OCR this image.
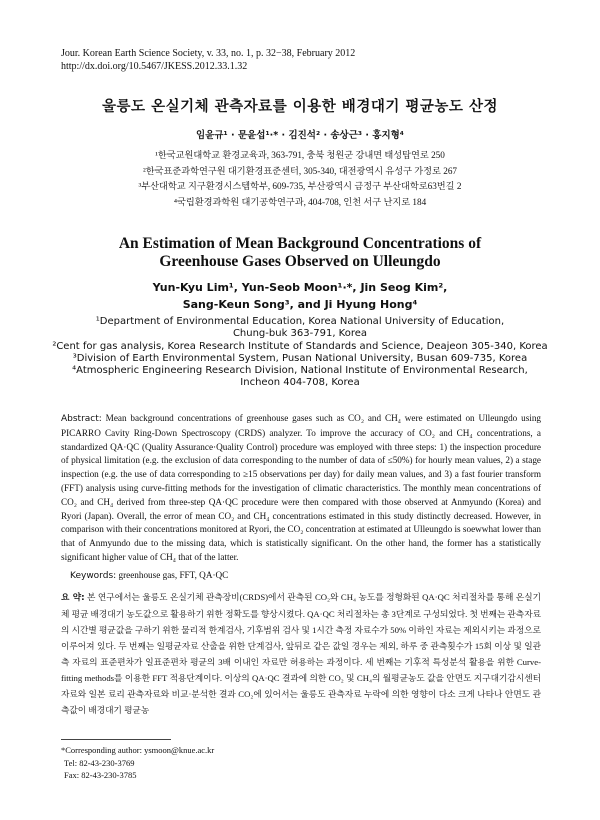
Jour. Korean Earth Science Society, v. 33, no. 1, p. 32−38, February 2012
http://dx.doi.org/10.5467/JKESS.2012.33.1.32
울릉도 온실기체 관측자료를 이용한 배경대기 평균농도 산정
임윤규¹ · 문윤섭¹·* · 김진석² · 송상근³ · 홍지형⁴
¹한국교원대학교 환경교육과, 363-791, 충북 청원군 강내면 태성탑연로 250
²한국표준과학연구원 대기환경표준센터, 305-340, 대전광역시 유성구 가정로 267
³부산대학교 지구환경시스템학부, 609-735, 부산광역시 금정구 부산대학로63번길 2
⁴국립환경과학원 대기공학연구과, 404-708, 인천 서구 난지로 184
An Estimation of Mean Background Concentrations of
Greenhouse Gases Observed on Ulleungdo
Yun-Kyu Lim¹, Yun-Seob Moon¹·*, Jin Seog Kim²,
Sang-Keun Song³, and Ji Hyung Hong⁴
¹Department of Environmental Education, Korea National University of Education,
Chung-buk 363-791, Korea
²Cent for gas analysis, Korea Research Institute of Standards and Science, Deajeon 305-340, Korea
³Division of Earth Environmental System, Pusan National University, Busan 609-735, Korea
⁴Atmospheric Engineering Research Division, National Institute of Environmental Research,
Incheon 404-708, Korea
Abstract: Mean background concentrations of greenhouse gases such as CO₂ and CH₄ were estimated on Ulleungdo using PICARRO Cavity Ring-Down Spectroscopy (CRDS) analyzer. To improve the accuracy of CO₂ and CH₄ concentrations, a standardized QA·QC (Quality Assurance·Quality Control) procedure was employed with three steps: 1) the inspection procedure of physical limitation (e.g. the exclusion of data corresponding to the number of data of ≤50%) for hourly mean values, 2) a stage inspection (e.g. the use of data corresponding to ≥15 observations per day) for daily mean values, and 3) a fast fourier transform (FFT) analysis using curve-fitting methods for the investigation of climatic characteristics. The monthly mean concentrations of CO₂ and CH₄ derived from three-step QA·QC procedure were then compared with those observed at Anmyundo (Korea) and Ryori (Japan). Overall, the error of mean CO₂ and CH₄ concentrations estimated in this study distinctly decreased. However, in comparison with their concentrations monitored at Ryori, the CO₂ concentration at estimated at Ulleungdo is soewwhat lower than that of Anmyundo due to the missing data, which is statistically significant. On the other hand, the former has a statistically significant higher value of CH₄ that of the latter.
Keywords: greenhouse gas, FFT, QA·QC
요 약: 본 연구에서는 울릉도 온실기체 관측장비(CRDS)에서 관측된 CO₂와 CH₄ 농도를 정형화된 QA·QC 처리절차를 통해 온실기체 평균 배경대기 농도값으로 활용하기 위한 정확도를 향상시켰다. QA·QC 처리절차는 총 3단계로 구성되었다. 첫 번째는 관측자료의 시간별 평균값을 구하기 위한 물리적 한계검사, 기후범위 검사 및 1시간 측정 자료수가 50% 이하인 자료는 제외시키는 과정으로 이루어져 있다. 두 번째는 일평균자료 산출을 위한 단계검사, 앞뒤로 같은 값일 경우는 제외, 하루 중 관측횟수가 15회 이상 및 일관측 자료의 표준편차가 일표준편차 평균의 3배 이내인 자료만 허용하는 과정이다. 세 번째는 기후적 특성분석 활용을 위한 Curve-fitting methods를 이용한 FFT 적용단계이다. 이상의 QA·QC 결과에 의한 CO₂ 및 CH₄의 월평균농도 값을 안면도 지구대기감시센터 자료와 일본 료리 관측자료와 비교·분석한 결과 CO₂에 있어서는 울릉도 관측자료 누락에 의한 영향이 다소 크게 나타나 안면도 관측값이 배경대기 평균농
*Corresponding author: ysmoon@knue.ac.kr
Tel: 82-43-230-3769
Fax: 82-43-230-3785
